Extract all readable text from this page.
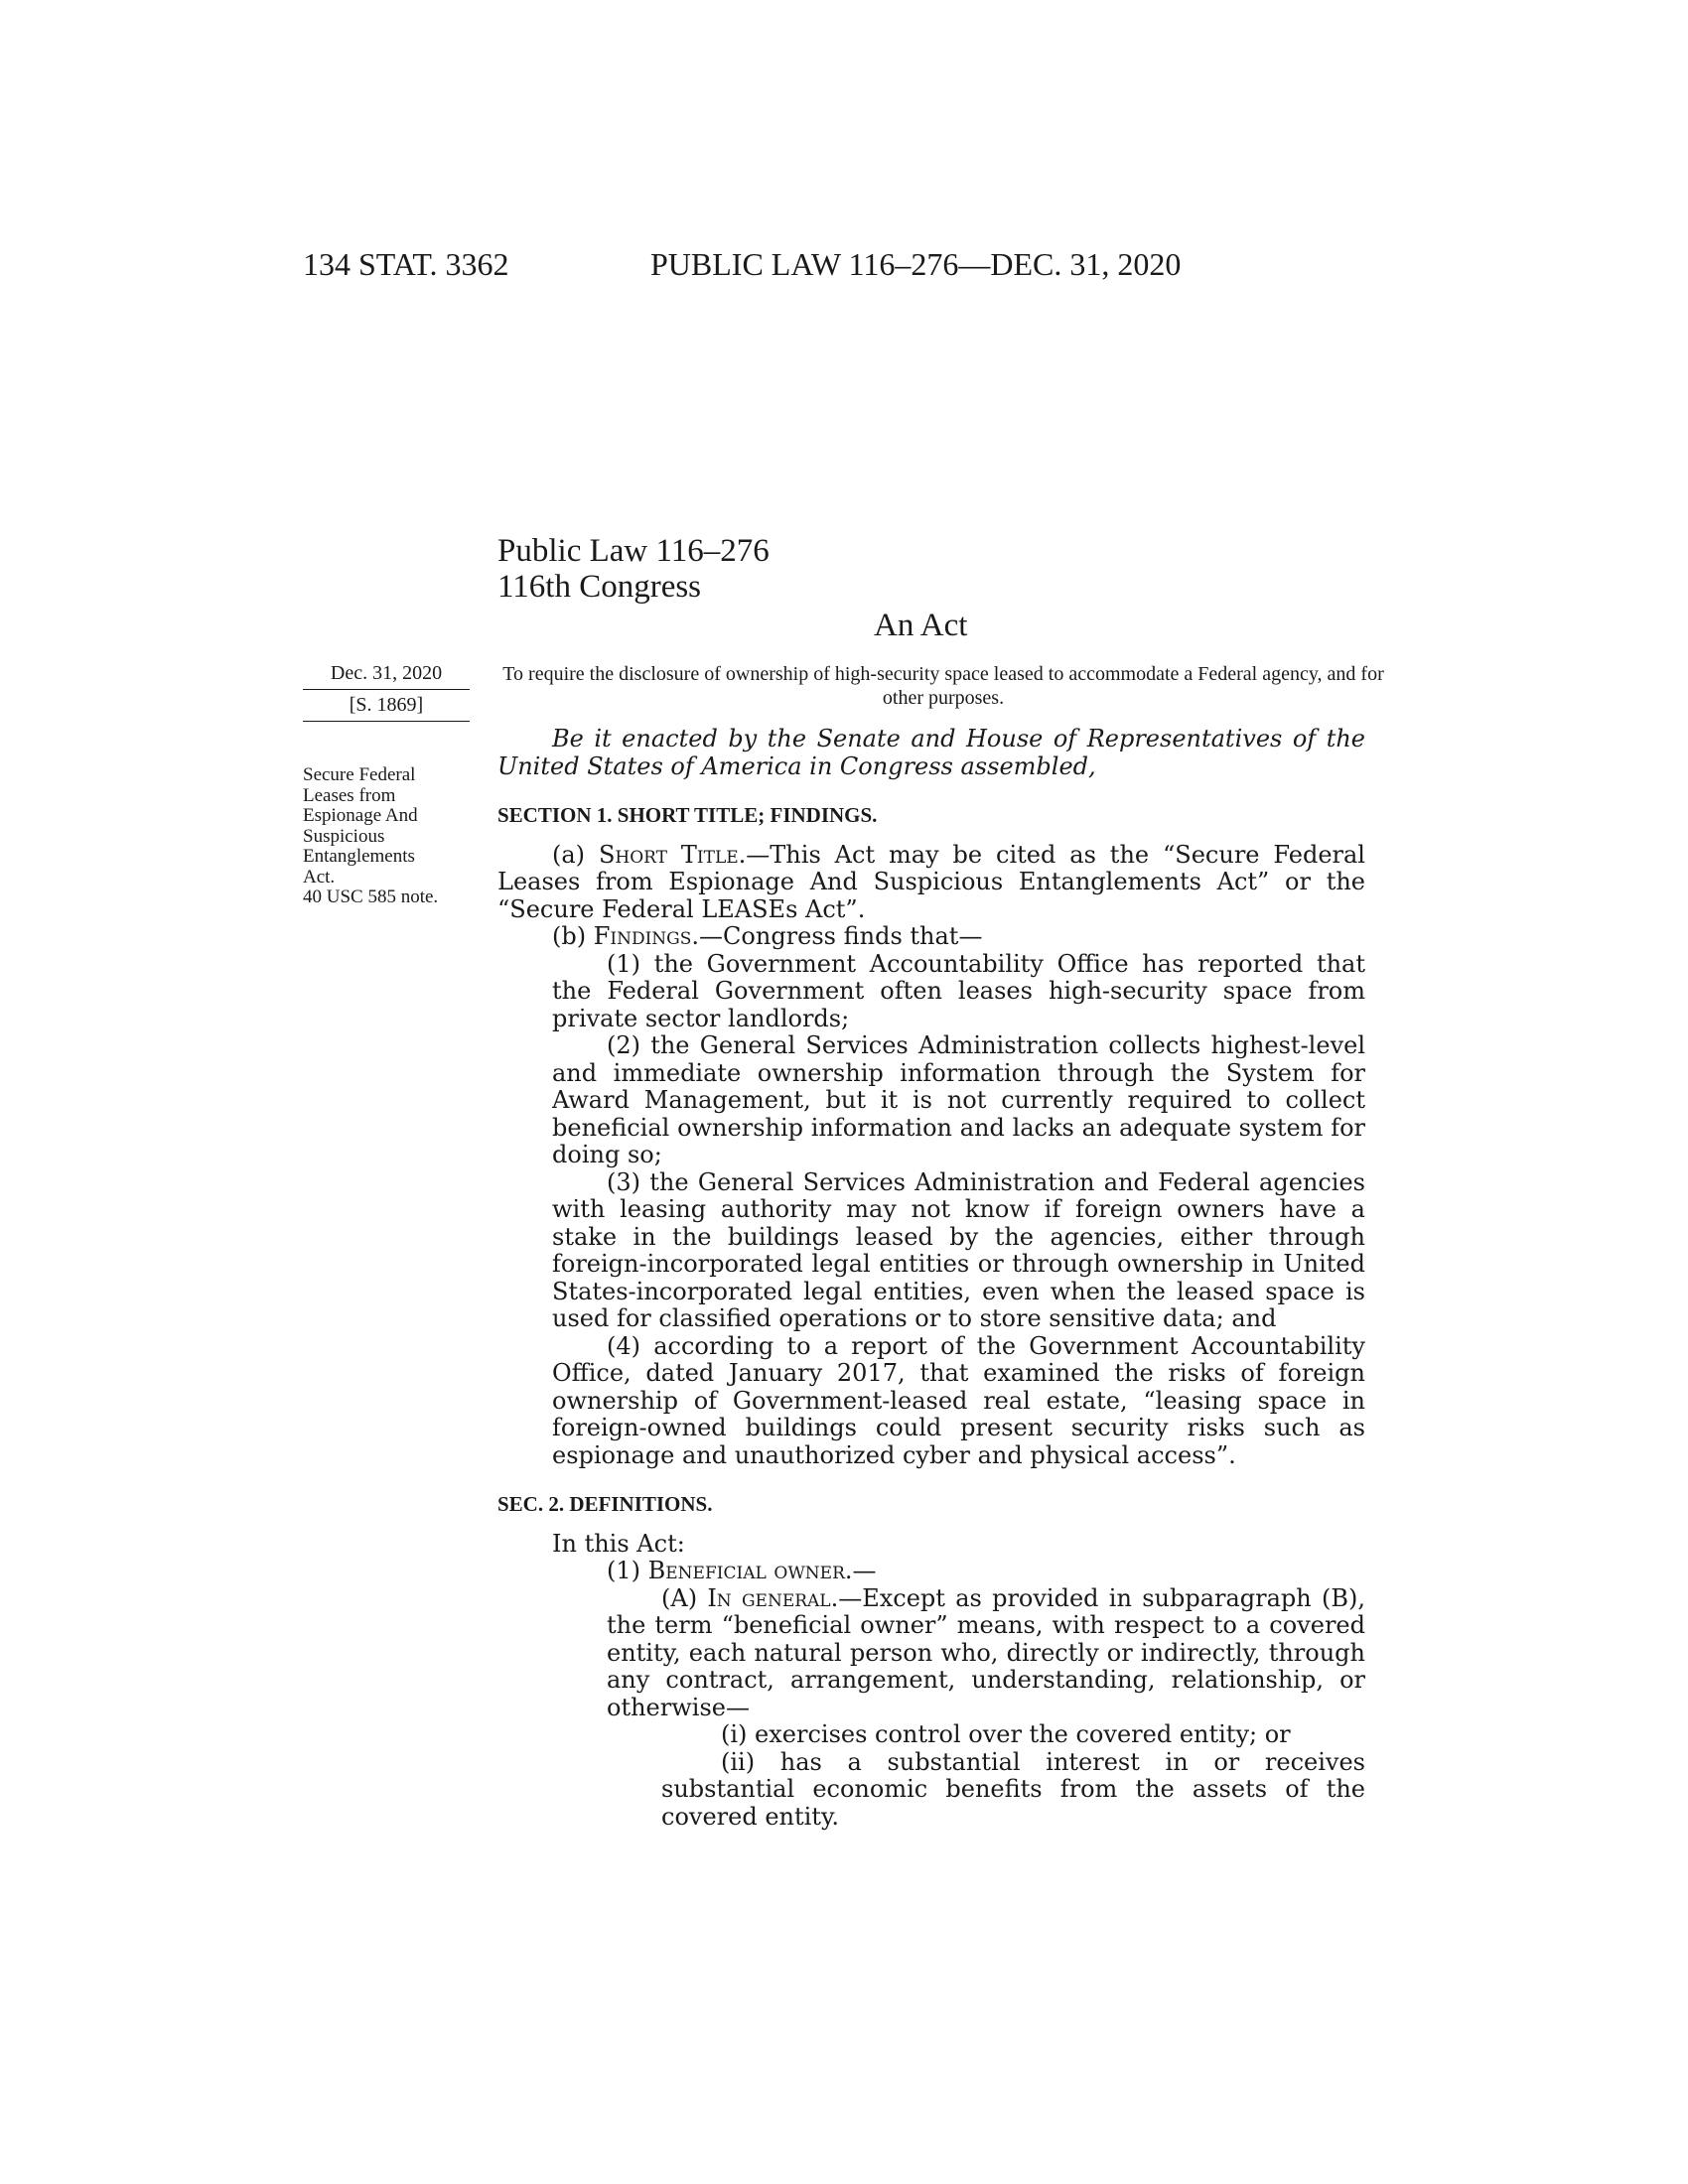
134 STAT. 3362	PUBLIC LAW 116–276—DEC. 31, 2020
Public Law 116–276
116th Congress
An Act
Dec. 31, 2020
[S. 1869]
Secure Federal
Leases from
Espionage And
Suspicious
Entanglements
Act.
40 USC 585 note.
To require the disclosure of ownership of high-security space leased to accommodate a Federal agency, and for other purposes.

Be it enacted by the Senate and House of Representatives of the United States of America in Congress assembled,

SECTION 1. SHORT TITLE; FINDINGS.

(a) Short Title.—This Act may be cited as the “Secure Federal Leases from Espionage And Suspicious Entanglements Act” or the “Secure Federal LEASEs Act”.

(b) Findings.—Congress finds that—

(1) the Government Accountability Office has reported that the Federal Government often leases high-security space from private sector landlords;

(2) the General Services Administration collects highest-level and immediate ownership information through the System for Award Management, but it is not currently required to collect beneficial ownership information and lacks an adequate system for doing so;

(3) the General Services Administration and Federal agencies with leasing authority may not know if foreign owners have a stake in the buildings leased by the agencies, either through foreign-incorporated legal entities or through ownership in United States-incorporated legal entities, even when the leased space is used for classified operations or to store sensitive data; and

(4) according to a report of the Government Accountability Office, dated January 2017, that examined the risks of foreign ownership of Government-leased real estate, “leasing space in foreign-owned buildings could present security risks such as espionage and unauthorized cyber and physical access”.

SEC. 2. DEFINITIONS.

In this Act:

(1) Beneficial owner.—

(A) In general.—Except as provided in subparagraph (B), the term “beneficial owner” means, with respect to a covered entity, each natural person who, directly or indirectly, through any contract, arrangement, understanding, relationship, or otherwise—

(i) exercises control over the covered entity; or

(ii) has a substantial interest in or receives substantial economic benefits from the assets of the covered entity.
